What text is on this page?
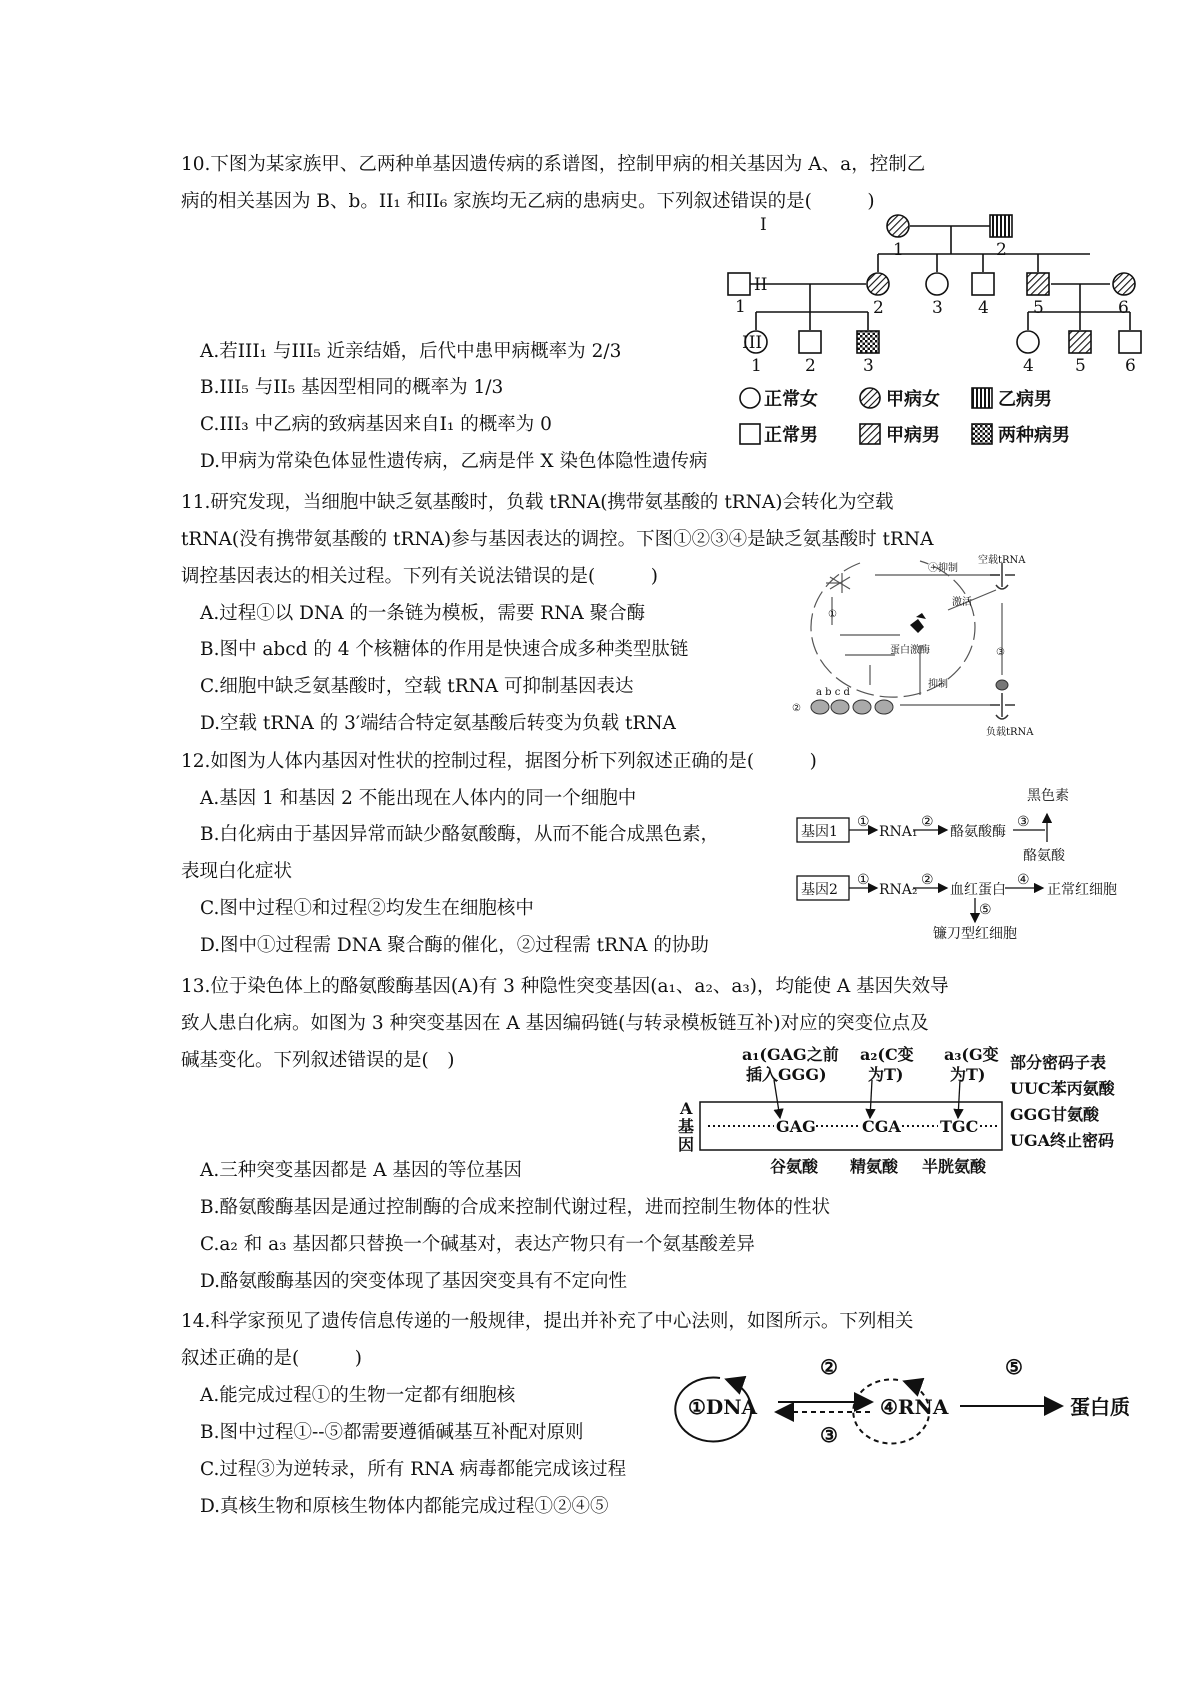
10.下图为某家族甲、乙两种单基因遗传病的系谱图，控制甲病的相关基因为 A、a，控制乙
病的相关基因为 B、b。II₁ 和II₆ 家族均无乙病的患病史。下列叙述错误的是(　　　)
A.若III₁ 与III₅ 近亲结婚，后代中患甲病概率为 2/3
B.III₅ 与II₅ 基因型相同的概率为 1/3
C.III₃ 中乙病的致病基因来自I₁ 的概率为 0
D.甲病为常染色体显性遗传病，乙病是伴 X 染色体隐性遗传病
I
II
III
1	2
1	2	3 4	5	6
1	2	3	4 5 6
正常女	甲病女	乙病男
正常男	甲病男	两种病男
11.研究发现，当细胞中缺乏氨基酸时，负载 tRNA(携带氨基酸的 tRNA)会转化为空载
tRNA(没有携带氨基酸的 tRNA)参与基因表达的调控。下图①②③④是缺乏氨基酸时 tRNA
调控基因表达的相关过程。下列有关说法错误的是(　　　)
A.过程①以 DNA 的一条链为模板，需要 RNA 聚合酶
B.图中 abcd 的 4 个核糖体的作用是快速合成多种类型肽链
C.细胞中缺乏氨基酸时，空载 tRNA 可抑制基因表达
D.空载 tRNA 的 3′端结合特定氨基酸后转变为负载 tRNA
空载tRNA
④抑制
激活
蛋白激酶
抑制
负载tRNA
①
②
③
a b c d
12.如图为人体内基因对性状的控制过程，据图分析下列叙述正确的是(　　　)
A.基因 1 和基因 2 不能出现在人体内的同一个细胞中
B.白化病由于基因异常而缺少酪氨酸酶，从而不能合成黑色素，
表现白化症状
C.图中过程①和过程②均发生在细胞核中
D.图中①过程需 DNA 聚合酶的催化，②过程需 tRNA 的协助
基因1
基因2
RNA₁
RNA₂
酪氨酸酶
黑色素
酪氨酸
血红蛋白	正常红细胞
镰刀型红细胞
①	②	③
①	②	④
⑤
13.位于染色体上的酪氨酸酶基因(A)有 3 种隐性突变基因(a₁、a₂、a₃)，均能使 A 基因失效导
致人患白化病。如图为 3 种突变基因在 A 基因编码链(与转录模板链互补)对应的突变位点及
碱基变化。下列叙述错误的是(　)
A.三种突变基因都是 A 基因的等位基因
B.酪氨酸酶基因是通过控制酶的合成来控制代谢过程，进而控制生物体的性状
C.a₂ 和 a₃ 基因都只替换一个碱基对，表达产物只有一个氨基酸差异
D.酪氨酸酶基因的突变体现了基因突变具有不定向性
a₁(GAG之前
插入GGG)
a₂(C变
为T)
a₃(G变
为T)
A
基
因
GAG	CGA TGC
谷氨酸 精氨酸 半胱氨酸
部分密码子表
UUC苯丙氨酸
GGG甘氨酸
UGA终止密码
14.科学家预见了遗传信息传递的一般规律，提出并补充了中心法则，如图所示。下列相关
叙述正确的是(　　　)
A.能完成过程①的生物一定都有细胞核
B.图中过程①--⑤都需要遵循碱基互补配对原则
C.过程③为逆转录，所有 RNA 病毒都能完成该过程
D.真核生物和原核生物体内都能完成过程①②④⑤
①DNA	④RNA	蛋白质
②
③
⑤
